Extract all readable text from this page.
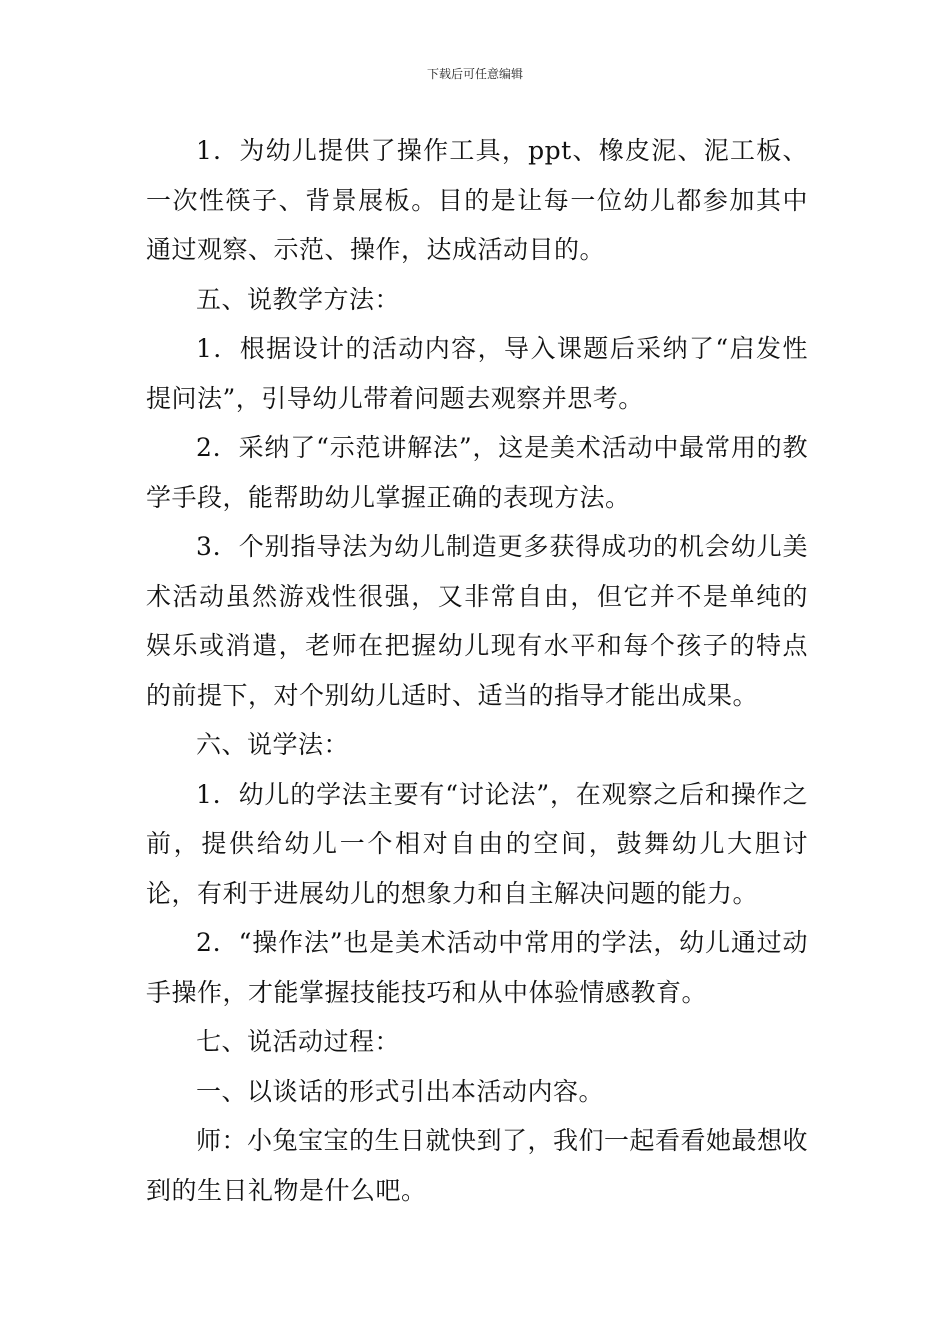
下载后可任意编辑

1．为幼儿提供了操作工具，ppt、橡皮泥、泥工板、一次性筷子、背景展板。目的是让每一位幼儿都参加其中通过观察、示范、操作，达成活动目的。

五、说教学方法：

1．根据设计的活动内容，导入课题后采纳了“启发性提问法”，引导幼儿带着问题去观察并思考。

2．采纳了“示范讲解法”，这是美术活动中最常用的教学手段，能帮助幼儿掌握正确的表现方法。

3．个别指导法为幼儿制造更多获得成功的机会幼儿美术活动虽然游戏性很强，又非常自由，但它并不是单纯的娱乐或消遣，老师在把握幼儿现有水平和每个孩子的特点的前提下，对个别幼儿适时、适当的指导才能出成果。

六、说学法：

1．幼儿的学法主要有“讨论法”，在观察之后和操作之前，提供给幼儿一个相对自由的空间，鼓舞幼儿大胆讨论，有利于进展幼儿的想象力和自主解决问题的能力。

2．“操作法”也是美术活动中常用的学法，幼儿通过动手操作，才能掌握技能技巧和从中体验情感教育。

七、说活动过程：

一、以谈话的形式引出本活动内容。

师：小兔宝宝的生日就快到了，我们一起看看她最想收到的生日礼物是什么吧。
